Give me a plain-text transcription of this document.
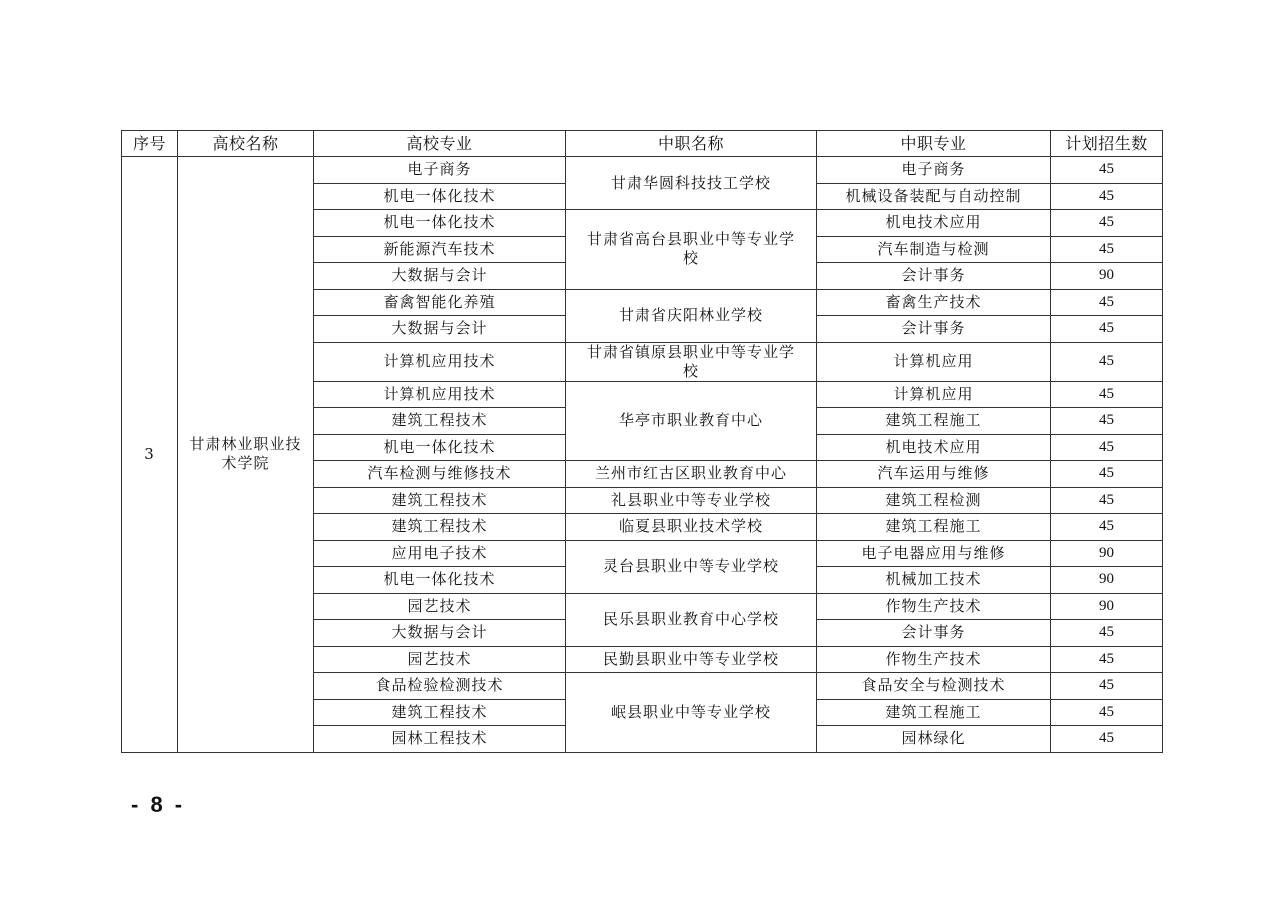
序号	高校名称	高校专业	中职名称	中职专业	计划招生数
3	甘肃林业职业技术学院	电子商务	甘肃华圆科技技工学校	电子商务	45
		机电一体化技术		机械设备装配与自动控制	45
		机电一体化技术	甘肃省高台县职业中等专业学校	机电技术应用	45
		新能源汽车技术		汽车制造与检测	45
		大数据与会计		会计事务	90
		畜禽智能化养殖	甘肃省庆阳林业学校	畜禽生产技术	45
		大数据与会计		会计事务	45
		计算机应用技术	甘肃省镇原县职业中等专业学校	计算机应用	45
		计算机应用技术	华亭市职业教育中心	计算机应用	45
		建筑工程技术		建筑工程施工	45
		机电一体化技术		机电技术应用	45
		汽车检测与维修技术	兰州市红古区职业教育中心	汽车运用与维修	45
		建筑工程技术	礼县职业中等专业学校	建筑工程检测	45
		建筑工程技术	临夏县职业技术学校	建筑工程施工	45
		应用电子技术	灵台县职业中等专业学校	电子电器应用与维修	90
		机电一体化技术		机械加工技术	90
		园艺技术	民乐县职业教育中心学校	作物生产技术	90
		大数据与会计		会计事务	45
		园艺技术	民勤县职业中等专业学校	作物生产技术	45
		食品检验检测技术	岷县职业中等专业学校	食品安全与检测技术	45
		建筑工程技术		建筑工程施工	45
		园林工程技术		园林绿化	45
- 8 -
